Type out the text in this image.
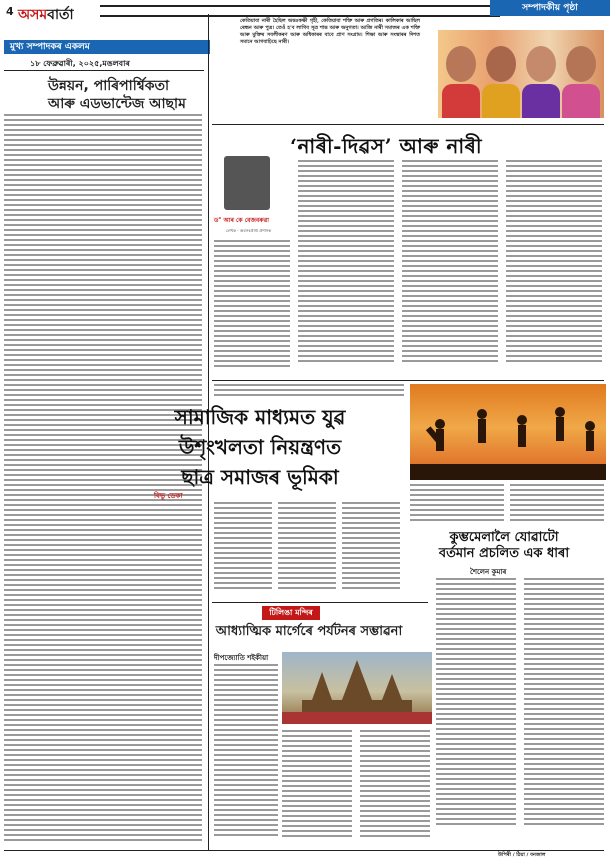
4 অসমবাৰ্তা	সম্পাদকীয় পৃষ্ঠা
মুখ্য সম্পাদকৰ একলম
১৮ ফেব্ৰুৱাৰী, ২০২৫,মঙলবাৰ
উন্নয়ন, পাৰিপাৰ্শ্বিকতা
আৰু এডভান্টেজ আছাম
কেতিয়াবা নাৰী হৈছিল অন্তঃকক্ষী গৃহী, কেতিয়াবা শক্তি আৰু প্ৰগতিৰ। কালিকাৰ আছিল ৰেন্ধন আৰু পুত্ৰ। তেওঁ হ’ব লাগিব সূত্ৰ শান্ত আৰু অনুগতা। আজি নাৰী সমাজৰ এক শক্তি আৰু মুক্তিৰ সবলীকৰণ আৰু অধিকাৰৰ বাবে প্ৰাণ সংগ্ৰাম। শিক্ষা আৰু সংস্কাৰৰ দিশত সমানে আগবাঢ়িছে নাৰী।
‘নাৰী-দিৱস’ আৰু নাৰী
ড° আৰ কে বেজবৰুৱা
লেখক - অবসৰপ্ৰাপ্ত প্ৰশাসক
সামাজিক মাধ্যমত যুৱ
উশৃংখলতা নিয়ন্ত্ৰণত
ছাত্ৰ সমাজৰ ভূমিকা
বিভু ডেকা
কুম্ভমেলালৈ যোৱাটো
বৰ্তমান প্ৰচলিত এক ধাৰা
শৈলেন কুমাৰ
টিলিঙা মন্দিৰ
আধ্যাত্মিক মাৰ্গেৰে পৰ্যটনৰ সম্ভাৱনা
দীপজ্যোতি শইকীয়া
উপিৰী / ঠিয়া / বনজাল
